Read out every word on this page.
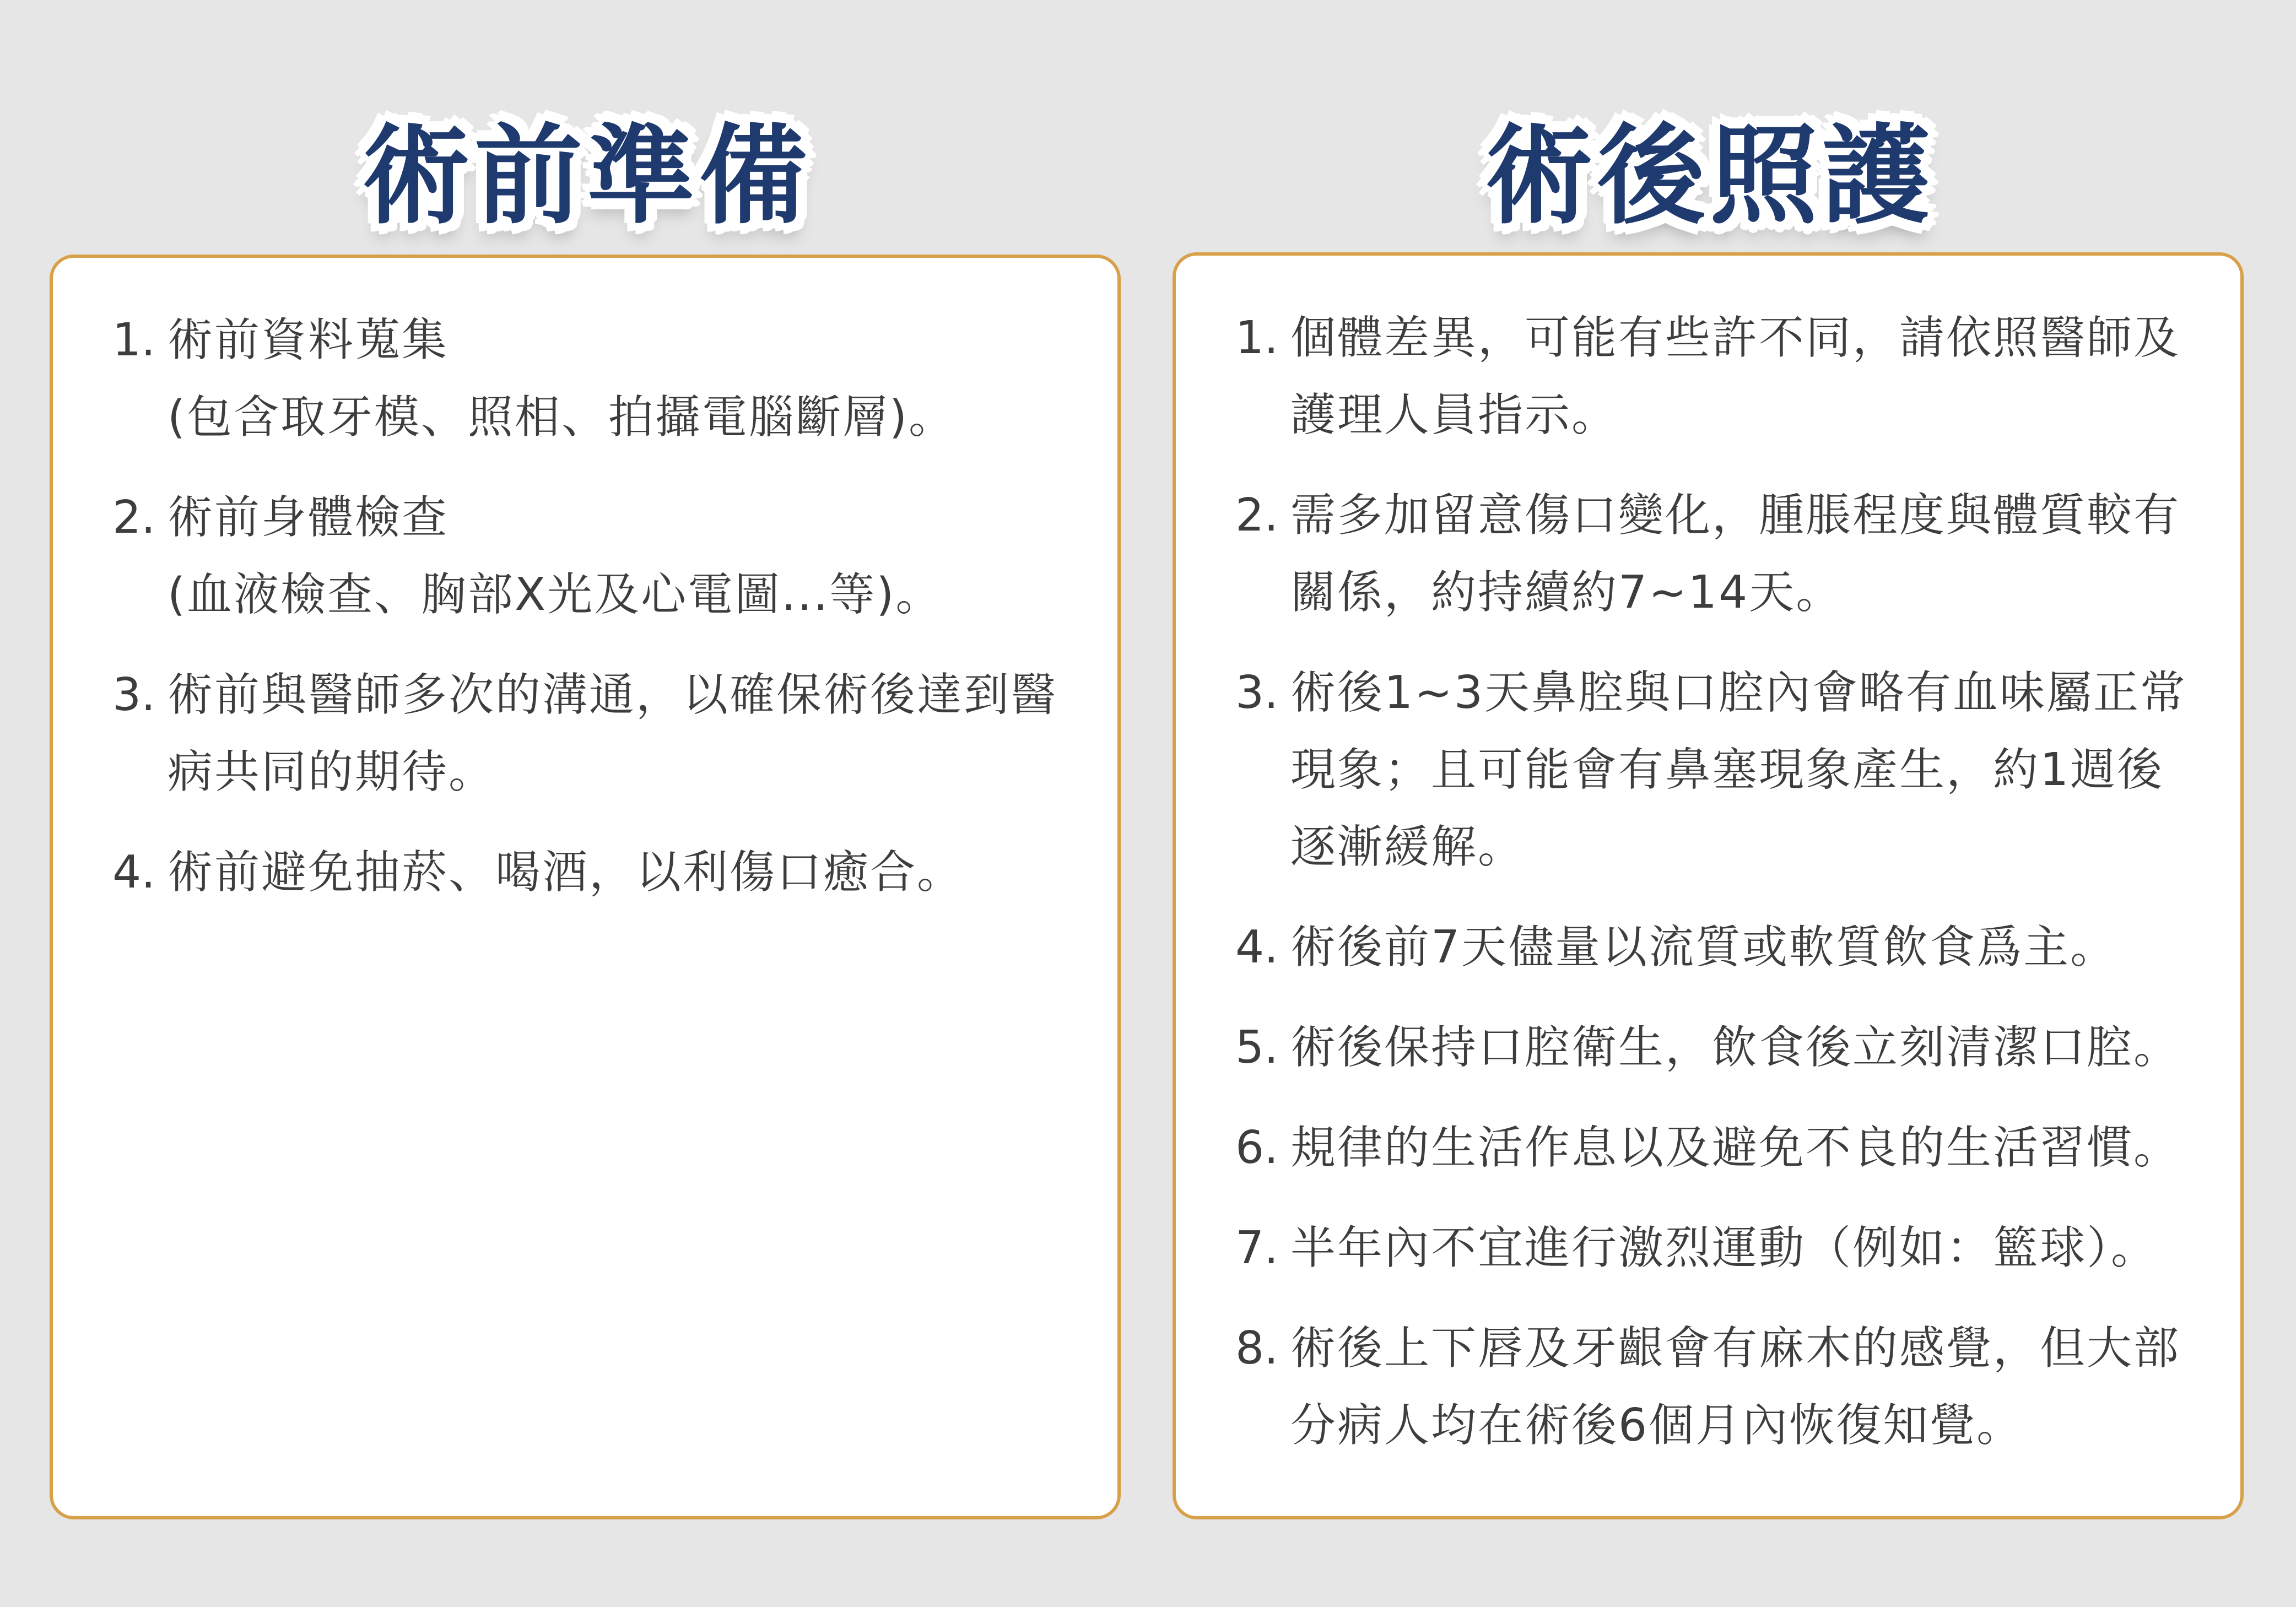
術前準備
1. 術前資料蒐集
(包含取牙模、照相、拍攝電腦斷層)。
2. 術前身體檢查
(血液檢查、胸部X光及心電圖...等)。
3. 術前與醫師多次的溝通，以確保術後達到醫
病共同的期待。
4. 術前避免抽菸、喝酒，以利傷口癒合。
術後照護
1. 個體差異，可能有些許不同，請依照醫師及
護理人員指示。
2. 需多加留意傷口變化，腫脹程度與體質較有
關係，約持續約7~14天。
3. 術後1~3天鼻腔與口腔內會略有血味屬正常
現象；且可能會有鼻塞現象產生，約1週後
逐漸緩解。
4. 術後前7天儘量以流質或軟質飲食爲主。
5. 術後保持口腔衛生，飲食後立刻清潔口腔。
6. 規律的生活作息以及避免不良的生活習慣。
7. 半年內不宜進行激烈運動（例如：籃球）。
8. 術後上下唇及牙齦會有麻木的感覺，但大部
分病人均在術後6個月內恢復知覺。
